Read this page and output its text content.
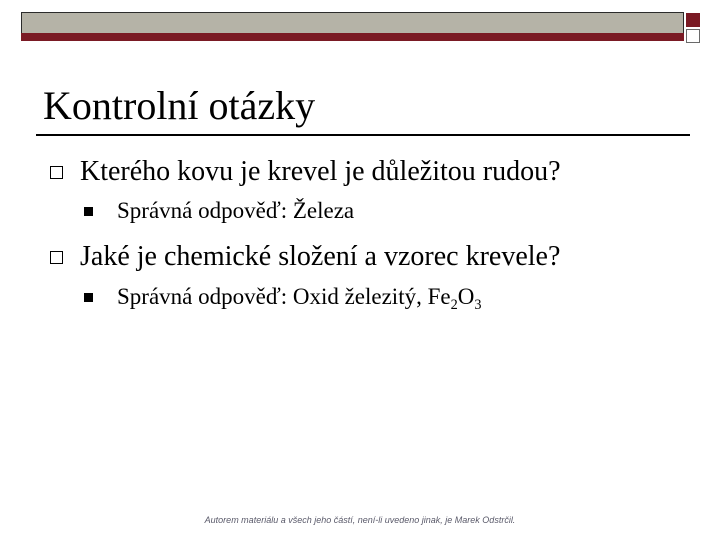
Kontrolní otázky
Kterého kovu je krevel je důležitou rudou?
Správná odpověď: Železa
Jaké je chemické složení a vzorec krevele?
Správná odpověď: Oxid železitý, $Fe_2O_3$
Autorem materiálu a všech jeho částí, není-li uvedeno jinak, je Marek Odstrčil.
